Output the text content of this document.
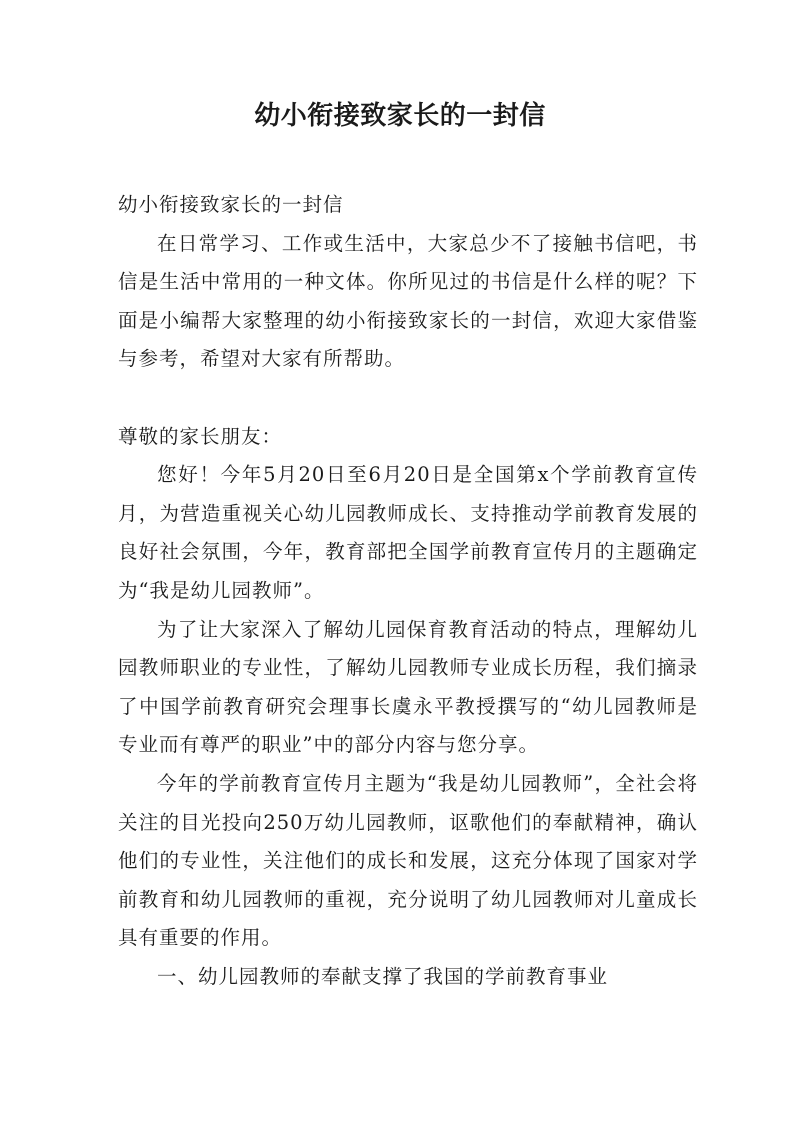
幼小衔接致家长的一封信

幼小衔接致家长的一封信

在日常学习、工作或生活中，大家总少不了接触书信吧，书信是生活中常用的一种文体。你所见过的书信是什么样的呢？下面是小编帮大家整理的幼小衔接致家长的一封信，欢迎大家借鉴与参考，希望对大家有所帮助。

尊敬的家长朋友：

您好！今年5月20日至6月20日是全国第x个学前教育宣传月，为营造重视关心幼儿园教师成长、支持推动学前教育发展的良好社会氛围，今年，教育部把全国学前教育宣传月的主题确定为“我是幼儿园教师”。

为了让大家深入了解幼儿园保育教育活动的特点，理解幼儿园教师职业的专业性，了解幼儿园教师专业成长历程，我们摘录了中国学前教育研究会理事长虞永平教授撰写的“幼儿园教师是专业而有尊严的职业”中的部分内容与您分享。

今年的学前教育宣传月主题为“我是幼儿园教师”，全社会将关注的目光投向250万幼儿园教师，讴歌他们的奉献精神，确认他们的专业性，关注他们的成长和发展，这充分体现了国家对学前教育和幼儿园教师的重视，充分说明了幼儿园教师对儿童成长具有重要的作用。

一、幼儿园教师的奉献支撑了我国的学前教育事业
